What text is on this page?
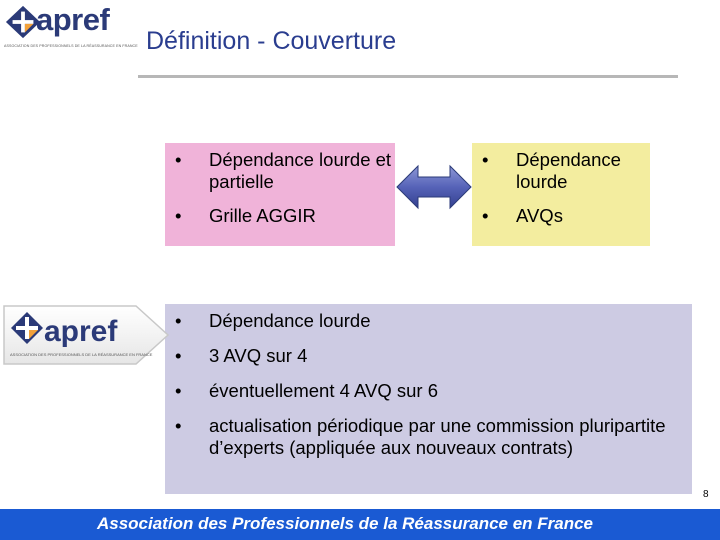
apref
ASSOCIATION DES PROFESSIONNELS DE LA RÉASSURANCE EN FRANCE Définition - Couverture
• Dépendance lourde et partielle
• Grille AGGIR
• Dépendance lourde
• AVQs
• Dépendance lourde
• 3 AVQ sur 4
• éventuellement 4 AVQ sur 6
• actualisation périodique par une commission pluripartite d’experts (appliquée aux nouveaux contrats)
apref
ASSOCIATION DES PROFESSIONNELS DE LA RÉASSURANCE EN FRANCE
8
Association des Professionnels de la Réassurance en France
